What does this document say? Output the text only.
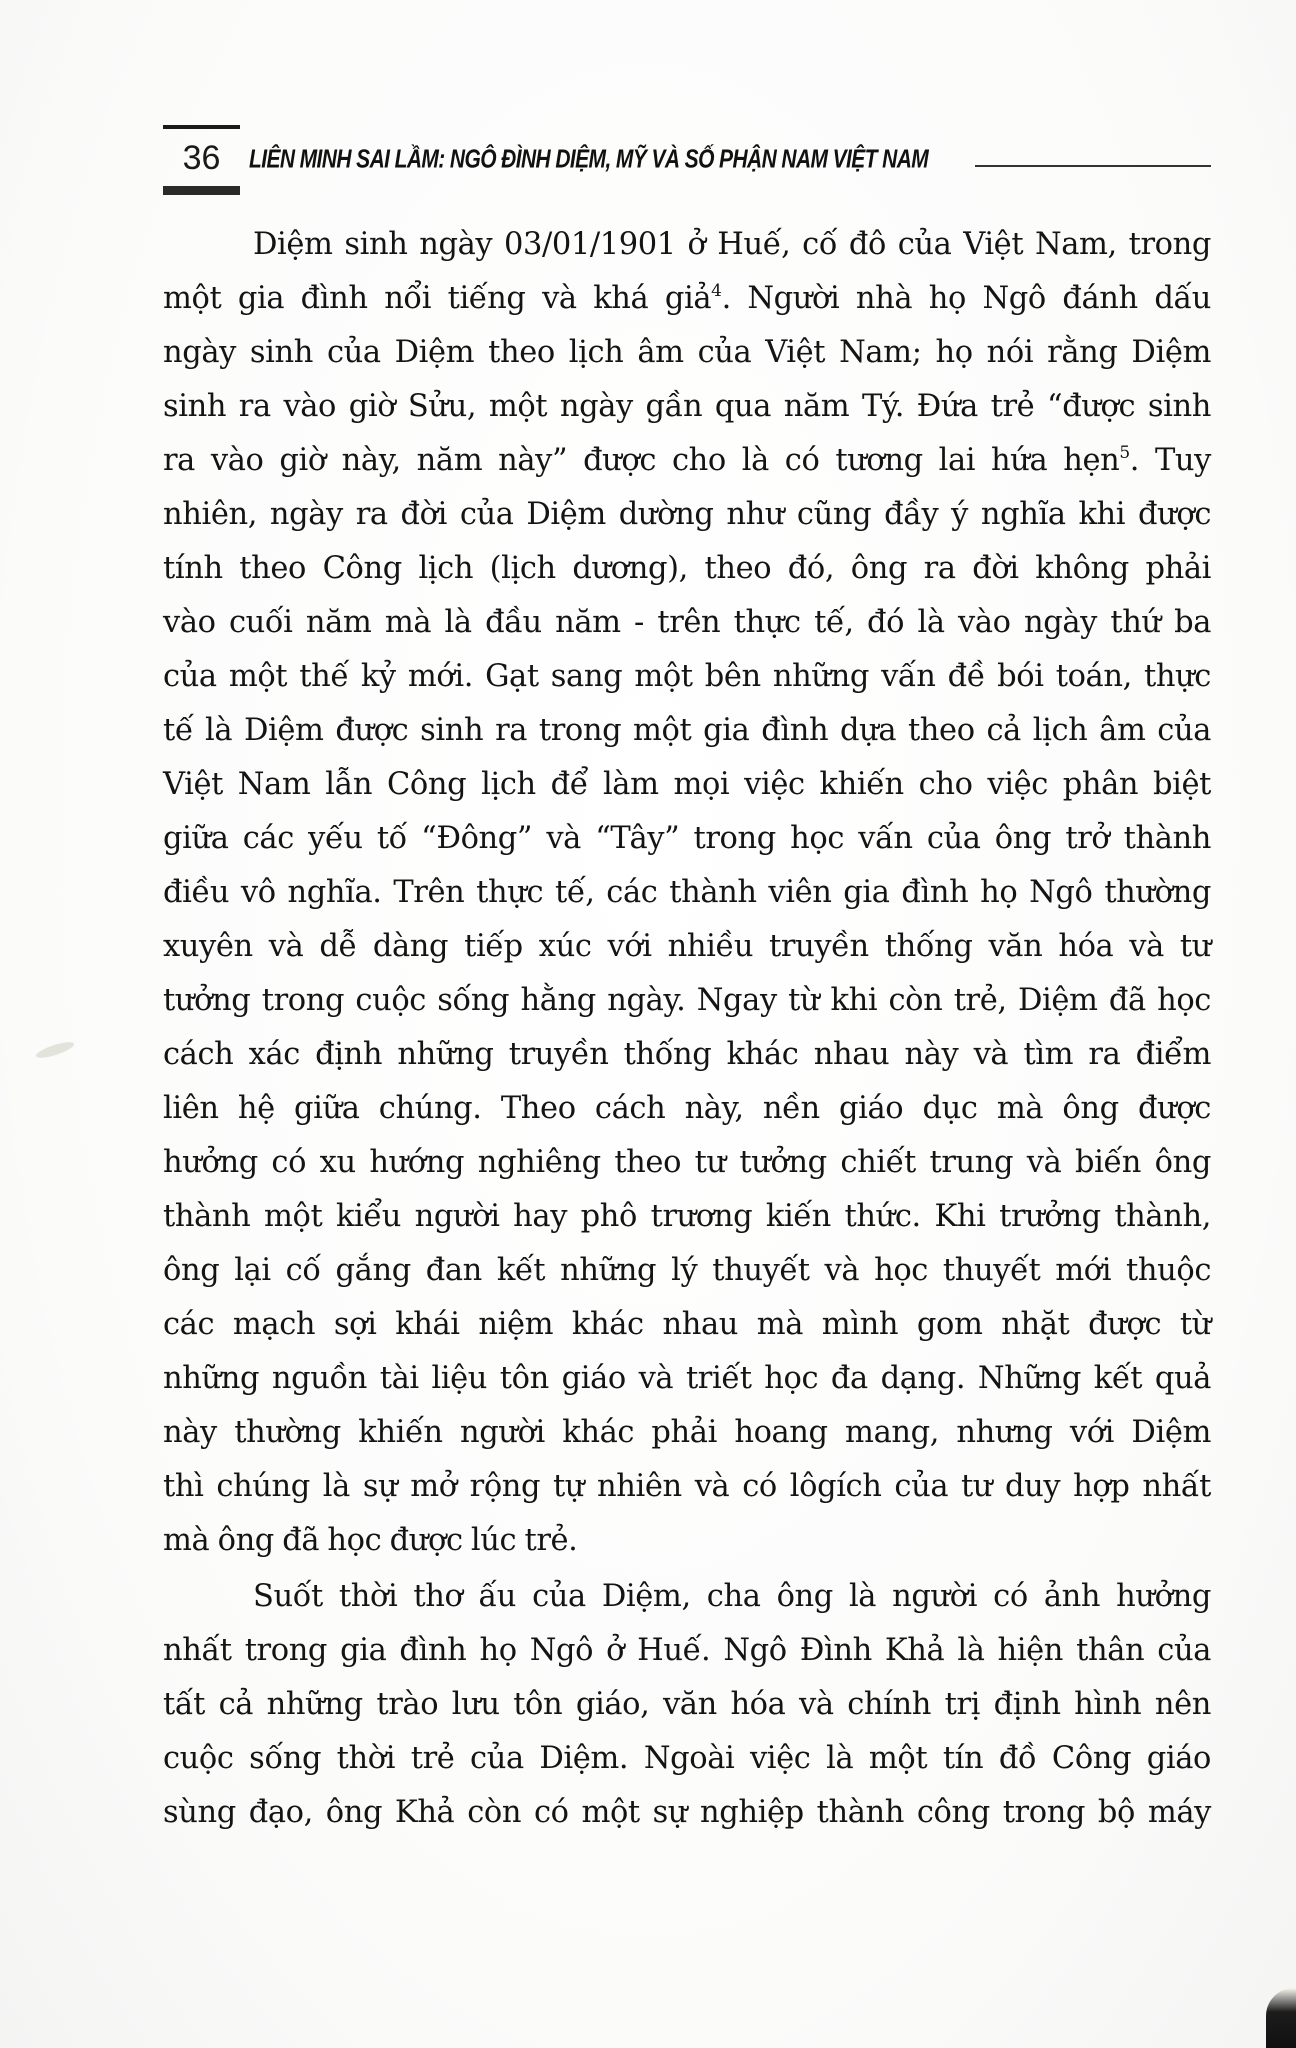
36	LIÊN MINH SAI LẦM: NGÔ ĐÌNH DIỆM, MỸ VÀ SỐ PHẬN NAM VIỆT NAM
Diệm sinh ngày 03/01/1901 ở Huế, cố đô của Việt Nam, trong
một gia đình nổi tiếng và khá giả$^4$. Người nhà họ Ngô đánh dấu
ngày sinh của Diệm theo lịch âm của Việt Nam; họ nói rằng Diệm
sinh ra vào giờ Sửu, một ngày gần qua năm Tý. Đứa trẻ “được sinh
ra vào giờ này, năm này” được cho là có tương lai hứa hẹn$^5$. Tuy
nhiên, ngày ra đời của Diệm dường như cũng đầy ý nghĩa khi được
tính theo Công lịch (lịch dương), theo đó, ông ra đời không phải
vào cuối năm mà là đầu năm - trên thực tế, đó là vào ngày thứ ba
của một thế kỷ mới. Gạt sang một bên những vấn đề bói toán, thực
tế là Diệm được sinh ra trong một gia đình dựa theo cả lịch âm của
Việt Nam lẫn Công lịch để làm mọi việc khiến cho việc phân biệt
giữa các yếu tố “Đông” và “Tây” trong học vấn của ông trở thành
điều vô nghĩa. Trên thực tế, các thành viên gia đình họ Ngô thường
xuyên và dễ dàng tiếp xúc với nhiều truyền thống văn hóa và tư
tưởng trong cuộc sống hằng ngày. Ngay từ khi còn trẻ, Diệm đã học
cách xác định những truyền thống khác nhau này và tìm ra điểm
liên hệ giữa chúng. Theo cách này, nền giáo dục mà ông được
hưởng có xu hướng nghiêng theo tư tưởng chiết trung và biến ông
thành một kiểu người hay phô trương kiến thức. Khi trưởng thành,
ông lại cố gắng đan kết những lý thuyết và học thuyết mới thuộc
các mạch sợi khái niệm khác nhau mà mình gom nhặt được từ
những nguồn tài liệu tôn giáo và triết học đa dạng. Những kết quả
này thường khiến người khác phải hoang mang, nhưng với Diệm
thì chúng là sự mở rộng tự nhiên và có lôgích của tư duy hợp nhất
mà ông đã học được lúc trẻ.
Suốt thời thơ ấu của Diệm, cha ông là người có ảnh hưởng
nhất trong gia đình họ Ngô ở Huế. Ngô Đình Khả là hiện thân của
tất cả những trào lưu tôn giáo, văn hóa và chính trị định hình nên
cuộc sống thời trẻ của Diệm. Ngoài việc là một tín đồ Công giáo
sùng đạo, ông Khả còn có một sự nghiệp thành công trong bộ máy
